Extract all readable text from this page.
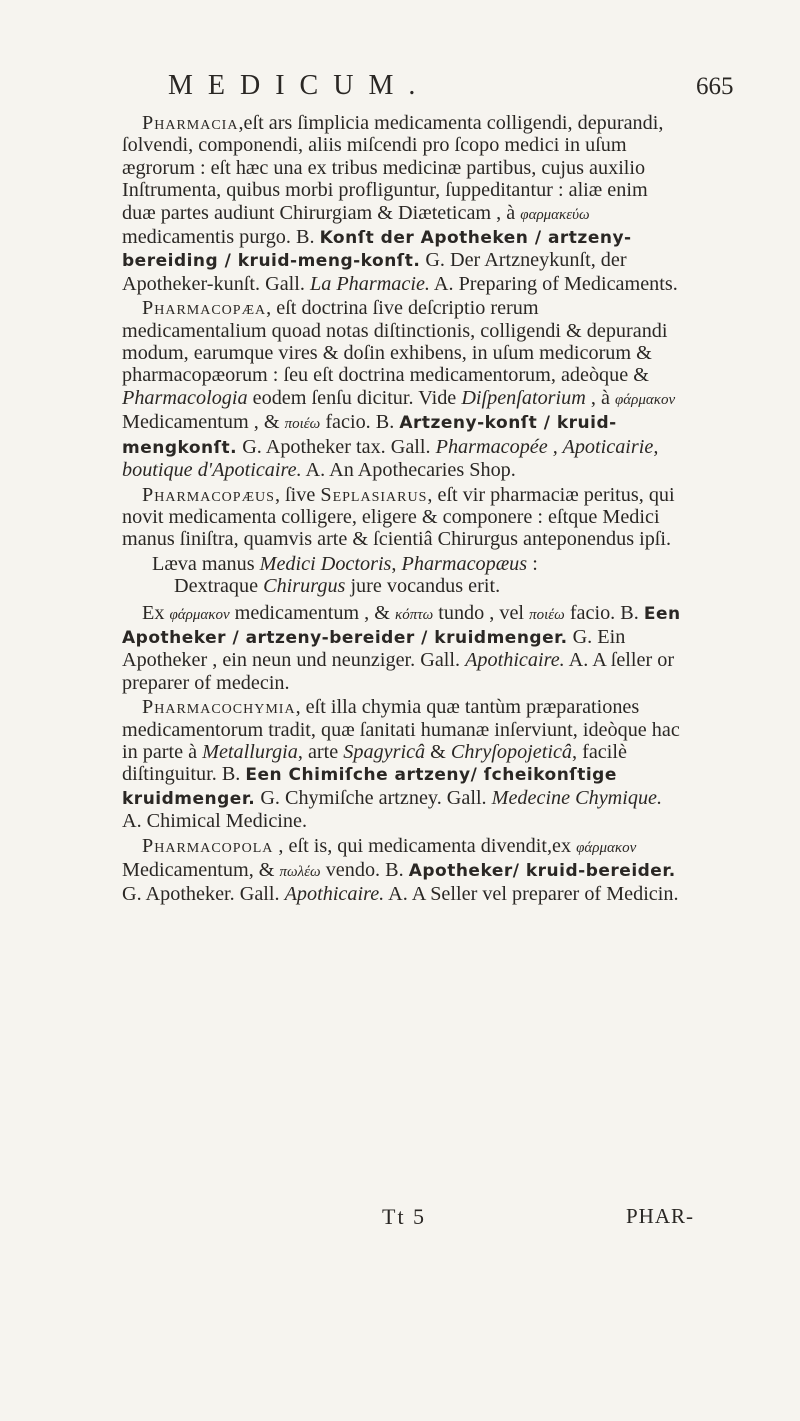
MEDICUM.	665

Pharmacia,eſt ars ſimplicia medicamenta colligendi, depurandi, ſolvendi, componendi, aliis miſcendi pro ſcopo medici in uſum ægrorum : eſt hæc una ex tribus medicinæ partibus, cujus auxilio Inſtrumenta, quibus morbi profliguntur, ſuppeditantur : aliæ enim duæ partes audiunt Chirurgiam & Diæteticam , à φαρμακεύω medicamentis purgo. B. Konſt der Apotheken / artzeny-bereiding / kruid-meng-konſt. G. Der Artzneykunſt, der Apotheker-kunſt. Gall. La Pharmacie. A. Preparing of Medicaments.

Pharmacopæa, eſt doctrina ſive deſcriptio rerum medicamentalium quoad notas diſtinctionis, colligendi & depurandi modum, earumque vires & doſin exhibens, in uſum medicorum & pharmacopæorum : ſeu eſt doctrina medicamentorum, adeòque & Pharmacologia eodem ſenſu dicitur. Vide Diſpenſatorium , à φάρμακον Medicamentum , & ποιέω facio. B. Artzeny-konſt / kruid-mengkonſt. G. Apotheker tax. Gall. Pharmacopée , Apoticairie, boutique d'Apoticaire. A. An Apothecaries Shop.

Pharmacopæus, ſive Seplasiarus, eſt vir pharmaciæ peritus, qui novit medicamenta colligere, eligere & componere : eſtque Medici manus ſiniſtra, quamvis arte & ſcientiâ Chirurgus anteponendus ipſi.

Læva manus Medici Doctoris, Pharmacopæus :
Dextraque Chirurgus jure vocandus erit.

Ex φάρμακον medicamentum , & κόπτω tundo , vel ποιέω facio. B. Een Apotheker / artzeny-bereider / kruidmenger. G. Ein Apotheker , ein neun und neunziger. Gall. Apothicaire. A. A ſeller or preparer of medecin.

Pharmacochymia, eſt illa chymia quæ tantùm præparationes medicamentorum tradit, quæ ſanitati humanæ inſerviunt, ideòque hac in parte à Metallurgia, arte Spagyricâ & Chryſopojeticâ, facilè diſtinguitur. B. Een Chimiſche artzeny/ ſcheikonſtige kruidmenger. G. Chymiſche artzney. Gall. Medecine Chymique. A. Chimical Medicine.

Pharmacopola , eſt is, qui medicamenta divendit,ex φάρμακον Medicamentum, & πωλέω vendo. B. Apotheker/ kruid-bereider. G. Apotheker. Gall. Apothicaire. A. A Seller vel preparer of Medicin.

Tt 5	PHAR-
